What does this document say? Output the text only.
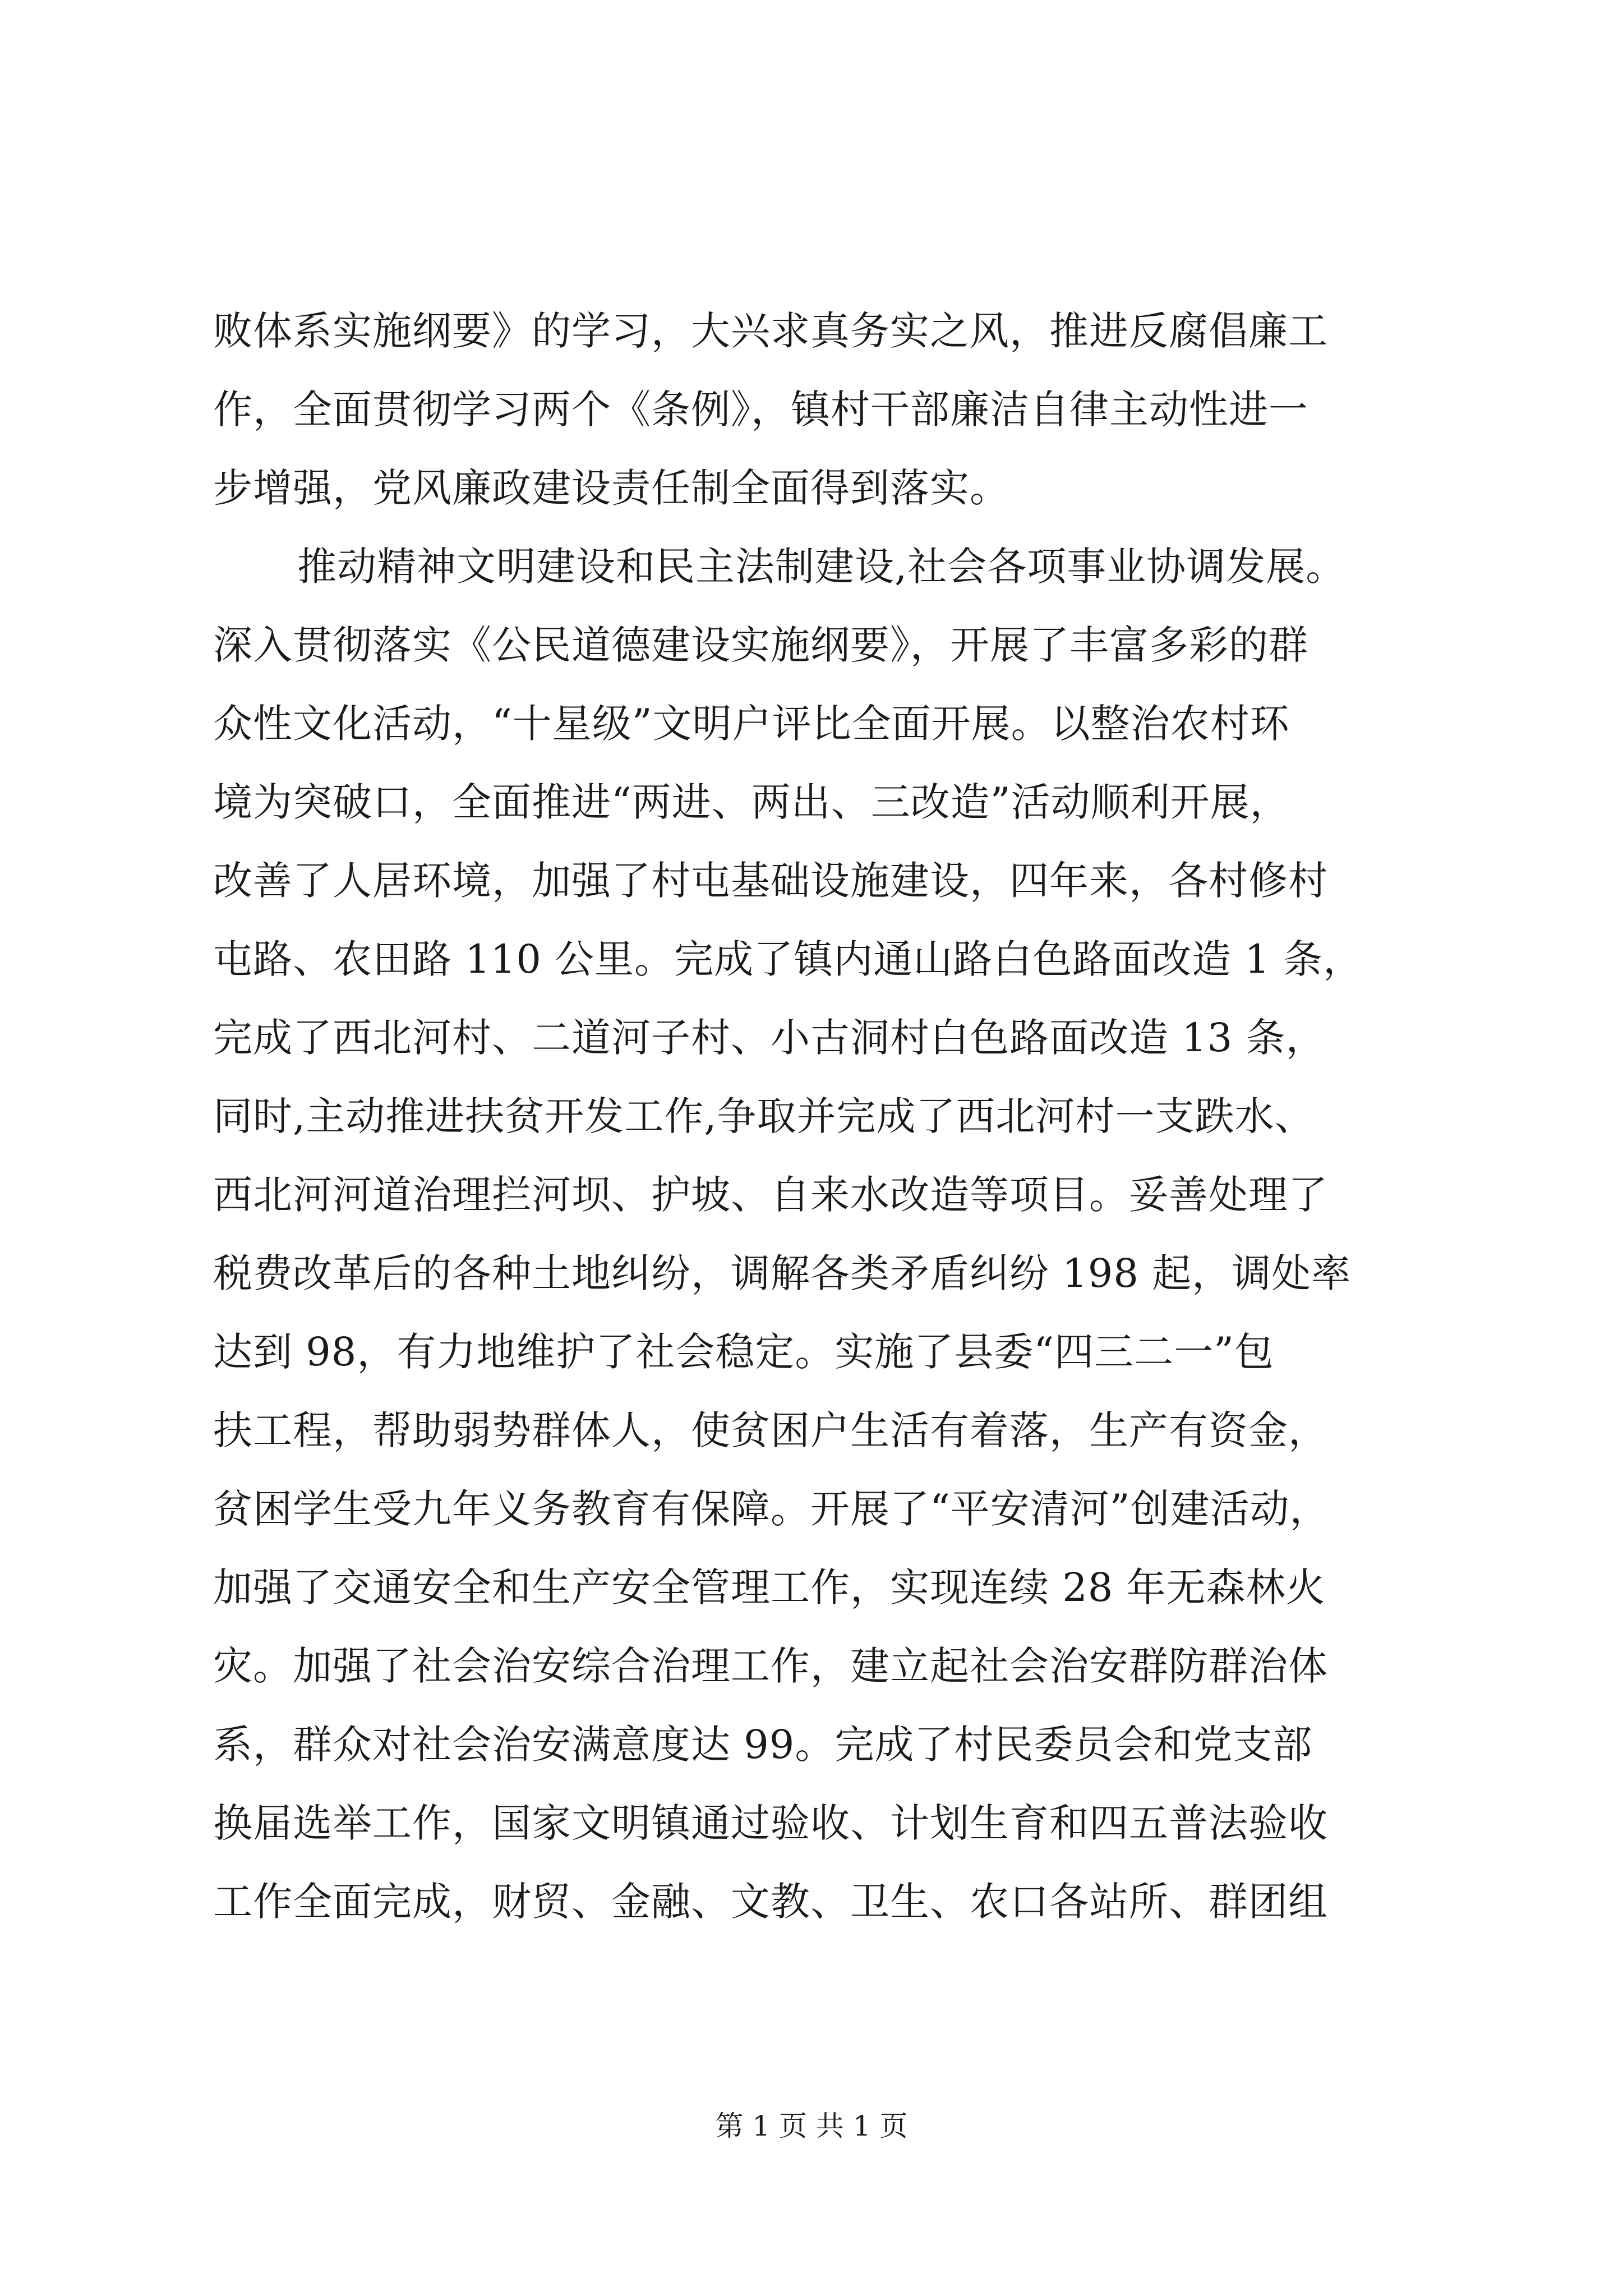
败体系实施纲要》的学习，大兴求真务实之风，推进反腐倡廉工
作，全面贯彻学习两个《条例》，镇村干部廉洁自律主动性进一
步增强，党风廉政建设责任制全面得到落实。
推动精神文明建设和民主法制建设,社会各项事业协调发展。
深入贯彻落实《公民道德建设实施纲要》，开展了丰富多彩的群
众性文化活动，“十星级”文明户评比全面开展。以整治农村环
境为突破口，全面推进“两进、两出、三改造”活动顺利开展，
改善了人居环境，加强了村屯基础设施建设，四年来，各村修村
屯路、农田路 110 公里。完成了镇内通山路白色路面改造 1 条，
完成了西北河村、二道河子村、小古洞村白色路面改造 13 条，
同时,主动推进扶贫开发工作,争取并完成了西北河村一支跌水、
西北河河道治理拦河坝、护坡、自来水改造等项目。妥善处理了
税费改革后的各种土地纠纷，调解各类矛盾纠纷 198 起，调处率
达到 98，有力地维护了社会稳定。实施了县委“四三二一”包
扶工程，帮助弱势群体人，使贫困户生活有着落，生产有资金，
贫困学生受九年义务教育有保障。开展了“平安清河”创建活动，
加强了交通安全和生产安全管理工作，实现连续 28 年无森林火
灾。加强了社会治安综合治理工作，建立起社会治安群防群治体
系，群众对社会治安满意度达 99。完成了村民委员会和党支部
换届选举工作，国家文明镇通过验收、计划生育和四五普法验收
工作全面完成，财贸、金融、文教、卫生、农口各站所、群团组
第 1 页 共 1 页
